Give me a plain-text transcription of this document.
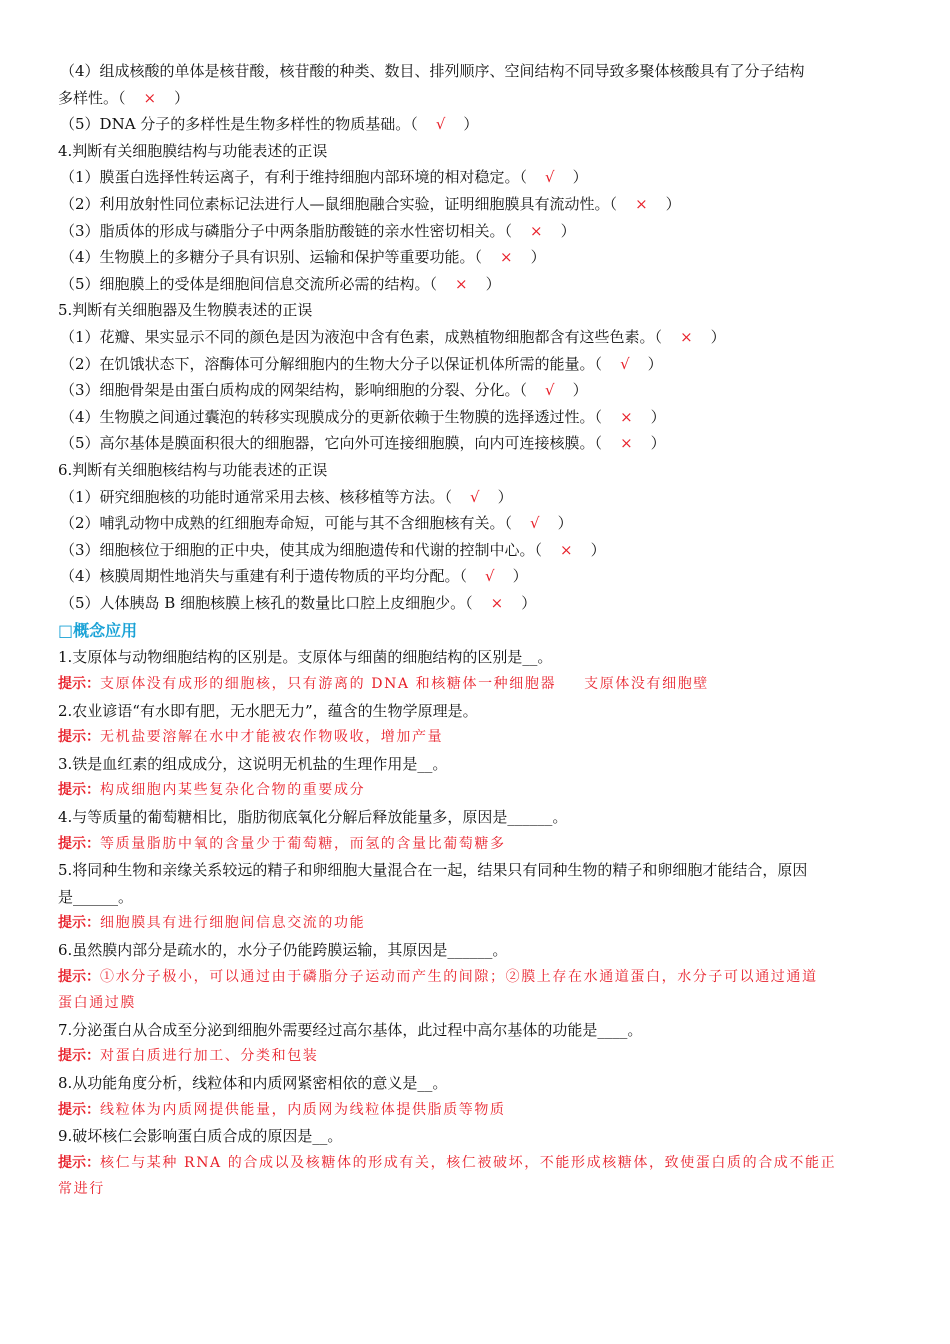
（4）组成核酸的单体是核苷酸，核苷酸的种类、数目、排列顺序、空间结构不同导致多聚体核酸具有了分子结构
多样性。（ × ）
（5）DNA 分子的多样性是生物多样性的物质基础。（ √ ）
4.判断有关细胞膜结构与功能表述的正误
（1）膜蛋白选择性转运离子，有利于维持细胞内部环境的相对稳定。（ √ ）
（2）利用放射性同位素标记法进行人—鼠细胞融合实验，证明细胞膜具有流动性。（ × ）
（3）脂质体的形成与磷脂分子中两条脂肪酸链的亲水性密切相关。（ × ）
（4）生物膜上的多糖分子具有识别、运输和保护等重要功能。（ × ）
（5）细胞膜上的受体是细胞间信息交流所必需的结构。（ × ）
5.判断有关细胞器及生物膜表述的正误
（1）花瓣、果实显示不同的颜色是因为液泡中含有色素，成熟植物细胞都含有这些色素。（ × ）
（2）在饥饿状态下，溶酶体可分解细胞内的生物大分子以保证机体所需的能量。（ √ ）
（3）细胞骨架是由蛋白质构成的网架结构，影响细胞的分裂、分化。（ √ ）
（4）生物膜之间通过囊泡的转移实现膜成分的更新依赖于生物膜的选择透过性。（ × ）
（5）高尔基体是膜面积很大的细胞器，它向外可连接细胞膜，向内可连接核膜。（ × ）
6.判断有关细胞核结构与功能表述的正误
（1）研究细胞核的功能时通常采用去核、核移植等方法。（ √ ）
（2）哺乳动物中成熟的红细胞寿命短，可能与其不含细胞核有关。（ √ ）
（3）细胞核位于细胞的正中央，使其成为细胞遗传和代谢的控制中心。（ × ）
（4）核膜周期性地消失与重建有利于遗传物质的平均分配。（ √ ）
（5）人体胰岛 B 细胞核膜上核孔的数量比口腔上皮细胞少。（ × ）
□概念应用
1.支原体与动物细胞结构的区别是。支原体与细菌的细胞结构的区别是__。
提示：支原体没有成形的细胞核，只有游离的 DNA 和核糖体一种细胞器 支原体没有细胞壁
2.农业谚语“有水即有肥，无水肥无力”，蕴含的生物学原理是。
提示：无机盐要溶解在水中才能被农作物吸收，增加产量
3.铁是血红素的组成成分，这说明无机盐的生理作用是__。
提示：构成细胞内某些复杂化合物的重要成分
4.与等质量的葡萄糖相比，脂肪彻底氧化分解后释放能量多，原因是______。
提示：等质量脂肪中氧的含量少于葡萄糖，而氢的含量比葡萄糖多
5.将同种生物和亲缘关系较远的精子和卵细胞大量混合在一起，结果只有同种生物的精子和卵细胞才能结合，原因
是______。
提示：细胞膜具有进行细胞间信息交流的功能
6.虽然膜内部分是疏水的，水分子仍能跨膜运输，其原因是______。
提示：①水分子极小，可以通过由于磷脂分子运动而产生的间隙；②膜上存在水通道蛋白，水分子可以通过通道
蛋白通过膜
7.分泌蛋白从合成至分泌到细胞外需要经过高尔基体，此过程中高尔基体的功能是____。
提示：对蛋白质进行加工、分类和包装
8.从功能角度分析，线粒体和内质网紧密相依的意义是__。
提示：线粒体为内质网提供能量，内质网为线粒体提供脂质等物质
9.破坏核仁会影响蛋白质合成的原因是__。
提示：核仁与某种 RNA 的合成以及核糖体的形成有关，核仁被破坏，不能形成核糖体，致使蛋白质的合成不能正
常进行
